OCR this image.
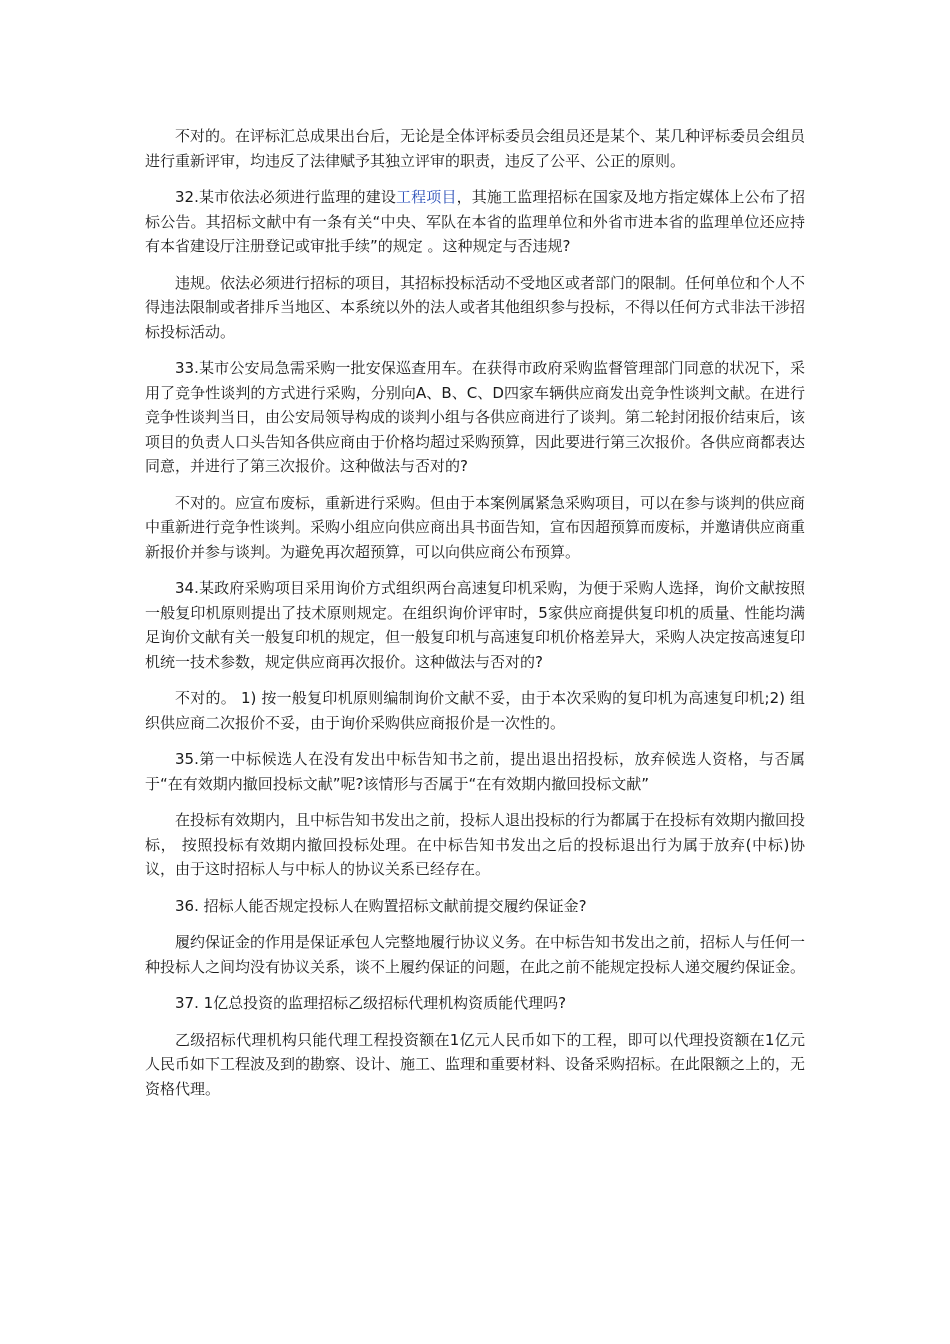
不对的。在评标汇总成果出台后，无论是全体评标委员会组员还是某个、某几种评标委员会组员进行重新评审，均违反了法律赋予其独立评审的职责，违反了公平、公正的原则。

32.某市依法必须进行监理的建设工程项目，其施工监理招标在国家及地方指定媒体上公布了招标公告。其招标文献中有一条有关“中央、军队在本省的监理单位和外省市进本省的监理单位还应持有本省建设厅注册登记或审批手续”的规定 。这种规定与否违规?

违规。依法必须进行招标的项目，其招标投标活动不受地区或者部门的限制。任何单位和个人不得违法限制或者排斥当地区、本系统以外的法人或者其他组织参与投标，不得以任何方式非法干涉招标投标活动。

33.某市公安局急需采购一批安保巡查用车。在获得市政府采购监督管理部门同意的状况下，采用了竞争性谈判的方式进行采购，分别向A、B、C、D四家车辆供应商发出竞争性谈判文献。在进行竞争性谈判当日，由公安局领导构成的谈判小组与各供应商进行了谈判。第二轮封闭报价结束后，该项目的负责人口头告知各供应商由于价格均超过采购预算，因此要进行第三次报价。各供应商都表达同意，并进行了第三次报价。这种做法与否对的?

不对的。应宣布废标，重新进行采购。但由于本案例属紧急采购项目，可以在参与谈判的供应商中重新进行竞争性谈判。采购小组应向供应商出具书面告知，宣布因超预算而废标，并邀请供应商重新报价并参与谈判。为避免再次超预算，可以向供应商公布预算。

34.某政府采购项目采用询价方式组织两台高速复印机采购，为便于采购人选择，询价文献按照一般复印机原则提出了技术原则规定。在组织询价评审时，5家供应商提供复印机的质量、性能均满足询价文献有关一般复印机的规定，但一般复印机与高速复印机价格差异大，采购人决定按高速复印机统一技术参数，规定供应商再次报价。这种做法与否对的?

不对的。 1) 按一般复印机原则编制询价文献不妥，由于本次采购的复印机为高速复印机;2) 组织供应商二次报价不妥，由于询价采购供应商报价是一次性的。

35.第一中标候选人在没有发出中标告知书之前，提出退出招投标，放弃候选人资格，与否属于“在有效期内撤回投标文献”呢?该情形与否属于“在有效期内撤回投标文献”

在投标有效期内，且中标告知书发出之前，投标人退出投标的行为都属于在投标有效期内撤回投标， 按照投标有效期内撤回投标处理。在中标告知书发出之后的投标退出行为属于放弃(中标)协议，由于这时招标人与中标人的协议关系已经存在。

36. 招标人能否规定投标人在购置招标文献前提交履约保证金?

履约保证金的作用是保证承包人完整地履行协议义务。在中标告知书发出之前，招标人与任何一种投标人之间均没有协议关系，谈不上履约保证的问题，在此之前不能规定投标人递交履约保证金。

37. 1亿总投资的监理招标乙级招标代理机构资质能代理吗?

乙级招标代理机构只能代理工程投资额在1亿元人民币如下的工程，即可以代理投资额在1亿元人民币如下工程波及到的勘察、设计、施工、监理和重要材料、设备采购招标。在此限额之上的，无资格代理。
